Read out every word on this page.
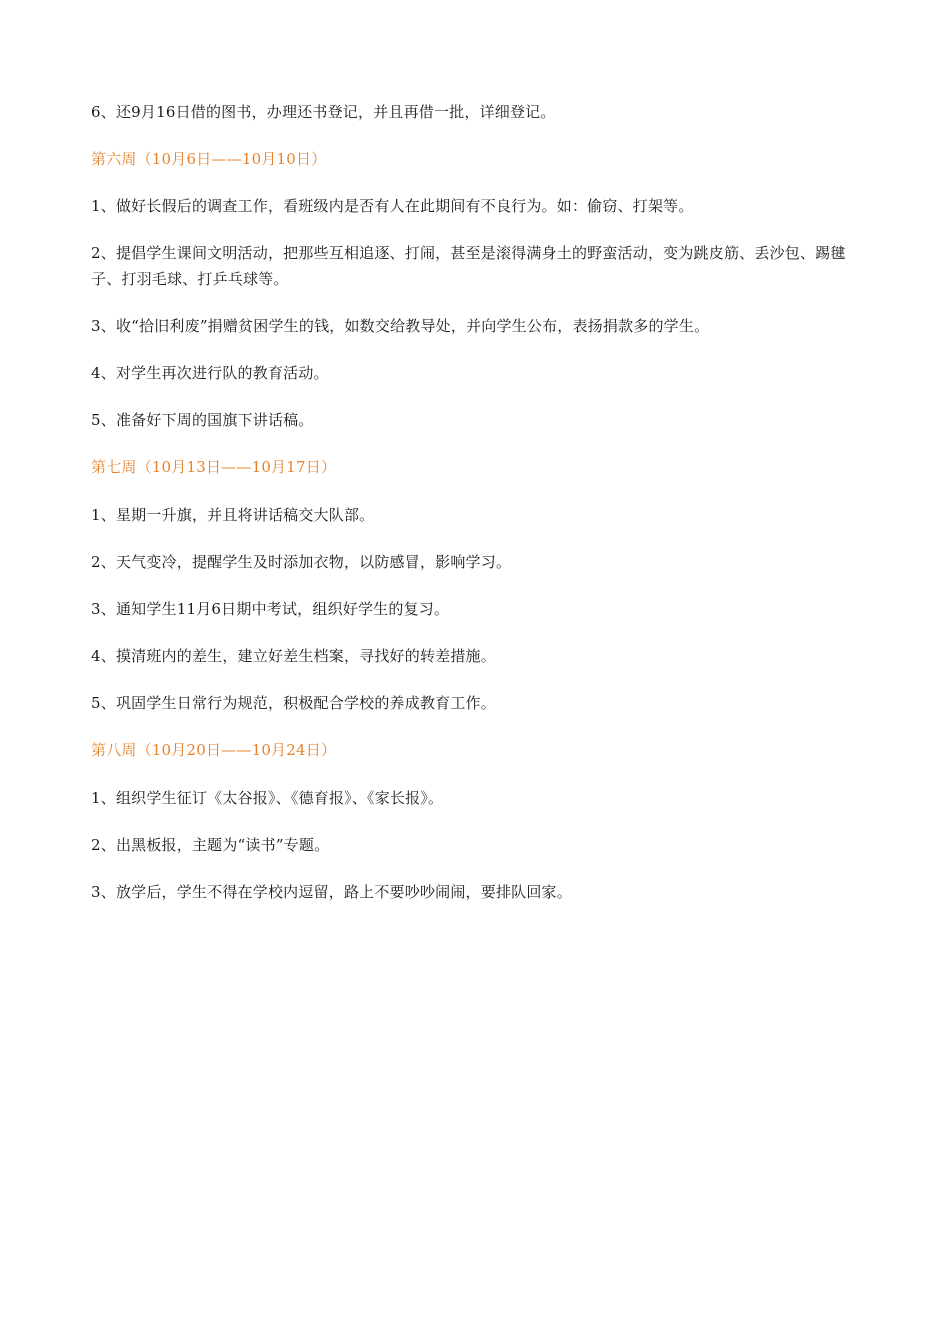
6、还9月16日借的图书，办理还书登记，并且再借一批，详细登记。
第六周（10月6日——10月10日）
1、做好长假后的调查工作，看班级内是否有人在此期间有不良行为。如：偷窃、打架等。
2、提倡学生课间文明活动，把那些互相追逐、打闹，甚至是滚得满身土的野蛮活动，变为跳皮筋、丢沙包、踢毽子、打羽毛球、打乒乓球等。
3、收“拾旧利废”捐赠贫困学生的钱，如数交给教导处，并向学生公布，表扬捐款多的学生。
4、对学生再次进行队的教育活动。
5、准备好下周的国旗下讲话稿。
第七周（10月13日——10月17日）
1、星期一升旗，并且将讲话稿交大队部。
2、天气变冷，提醒学生及时添加衣物，以防感冒，影响学习。
3、通知学生11月6日期中考试，组织好学生的复习。
4、摸清班内的差生，建立好差生档案，寻找好的转差措施。
5、巩固学生日常行为规范，积极配合学校的养成教育工作。
第八周（10月20日——10月24日）
1、组织学生征订《太谷报》、《德育报》、《家长报》。
2、出黑板报，主题为“读书”专题。
3、放学后，学生不得在学校内逗留，路上不要吵吵闹闹，要排队回家。
